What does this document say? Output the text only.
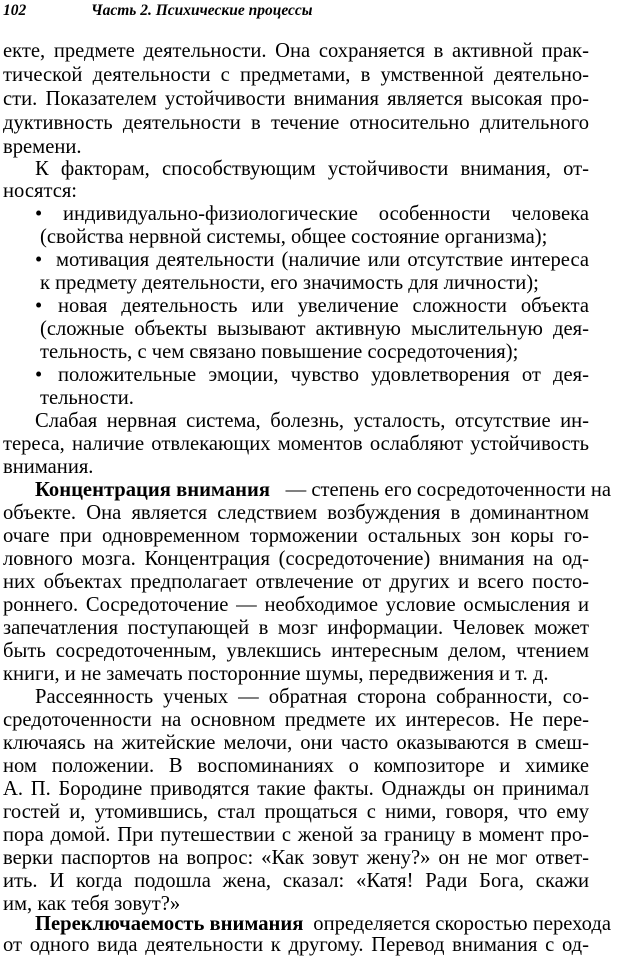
102	Часть 2. Психические процессы
ектe, предмете деятельности. Она сохраняется в активной прак-
тической деятельности с предметами, в умственной деятельно-
сти. Показателем устойчивости внимания является высокая про-
дуктивность деятельности в течение относительно длительного
времени.
К факторам, способствующим устойчивости внимания, от-
носятся:
• индивидуально-физиологические особенности человека
(свойства нервной системы, общее состояние организма);
• мотивация деятельности (наличие или отсутствие интереса
к предмету деятельности, его значимость для личности);
• новая деятельность или увеличение сложности объекта
(сложные объекты вызывают активную мыслительную дея-
тельность, с чем связано повышение сосредоточения);
• положительные эмоции, чувство удовлетворения от дея-
тельности.
Слабая нервная система, болезнь, усталость, отсутствие ин-
тереса, наличие отвлекающих моментов ослабляют устойчивость
внимания.
Концентрация внимания — степень его сосредоточенности на
объекте. Она является следствием возбуждения в доминантном
очаге при одновременном торможении остальных зон коры го-
ловного мозга. Концентрация (сосредоточение) внимания на од-
них объектах предполагает отвлечение от других и всего посто-
роннего. Сосредоточение — необходимое условие осмысления и
запечатления поступающей в мозг информации. Человек может
быть сосредоточенным, увлекшись интересным делом, чтением
книги, и не замечать посторонние шумы, передвижения и т. д.
Рассеянность ученых — обратная сторона собранности, со-
средоточенности на основном предмете их интересов. Не пере-
ключаясь на житейские мелочи, они часто оказываются в смеш-
ном положении. В воспоминаниях о композиторе и химике
А. П. Бородине приводятся такие факты. Однажды он принимал
гостей и, утомившись, стал прощаться с ними, говоря, что ему
пора домой. При путешествии с женой за границу в момент про-
верки паспортов на вопрос: «Как зовут жену?» он не мог ответ-
ить. И когда подошла жена, сказал: «Катя! Ради Бога, скажи
им, как тебя зовут?»
Переключаемость внимания определяется скоростью перехода
от одного вида деятельности к другому. Перевод внимания с од-
